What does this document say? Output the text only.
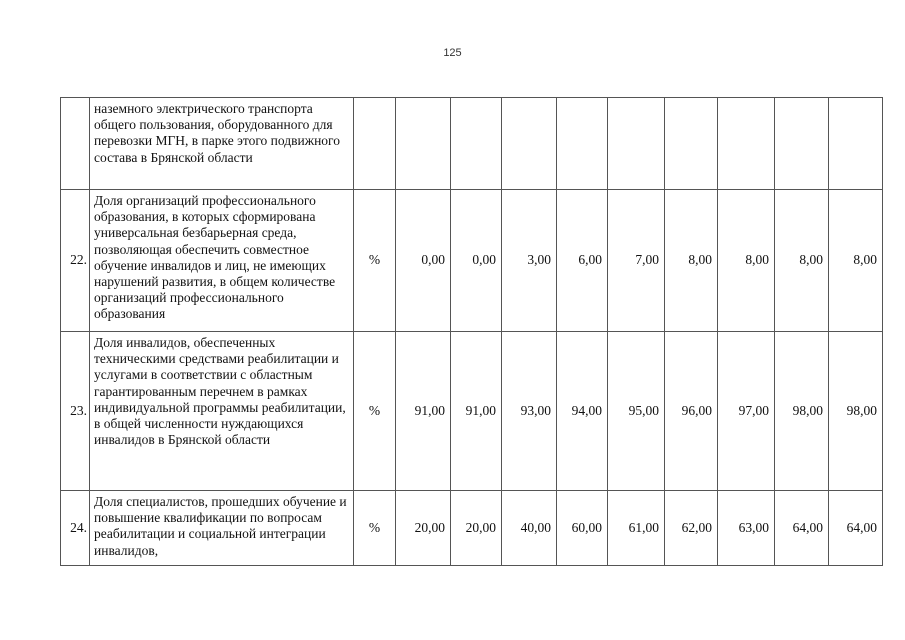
125
	наземного электрического транспорта общего пользования, оборудованного для перевозки МГН, в парке этого подвижного состава в Брянской области										
22.	Доля организаций профессионального образования, в которых сформирована универсальная безбарьерная среда, позволяющая обеспечить совместное обучение инвалидов и лиц, не имеющих нарушений развития, в общем количестве организаций профессионального образования	%	0,00	0,00	3,00	6,00	7,00	8,00	8,00	8,00	8,00
23.	Доля инвалидов, обеспеченных техническими средствами реабилитации и услугами в соответствии с областным гарантированным перечнем в рамках индивидуальной программы реабилитации, в общей численности нуждающихся инвалидов в Брянской области	%	91,00	91,00	93,00	94,00	95,00	96,00	97,00	98,00	98,00
24.	Доля специалистов, прошедших обучение и повышение квалификации по вопросам реабилитации и социальной интеграции инвалидов,	%	20,00	20,00	40,00	60,00	61,00	62,00	63,00	64,00	64,00
